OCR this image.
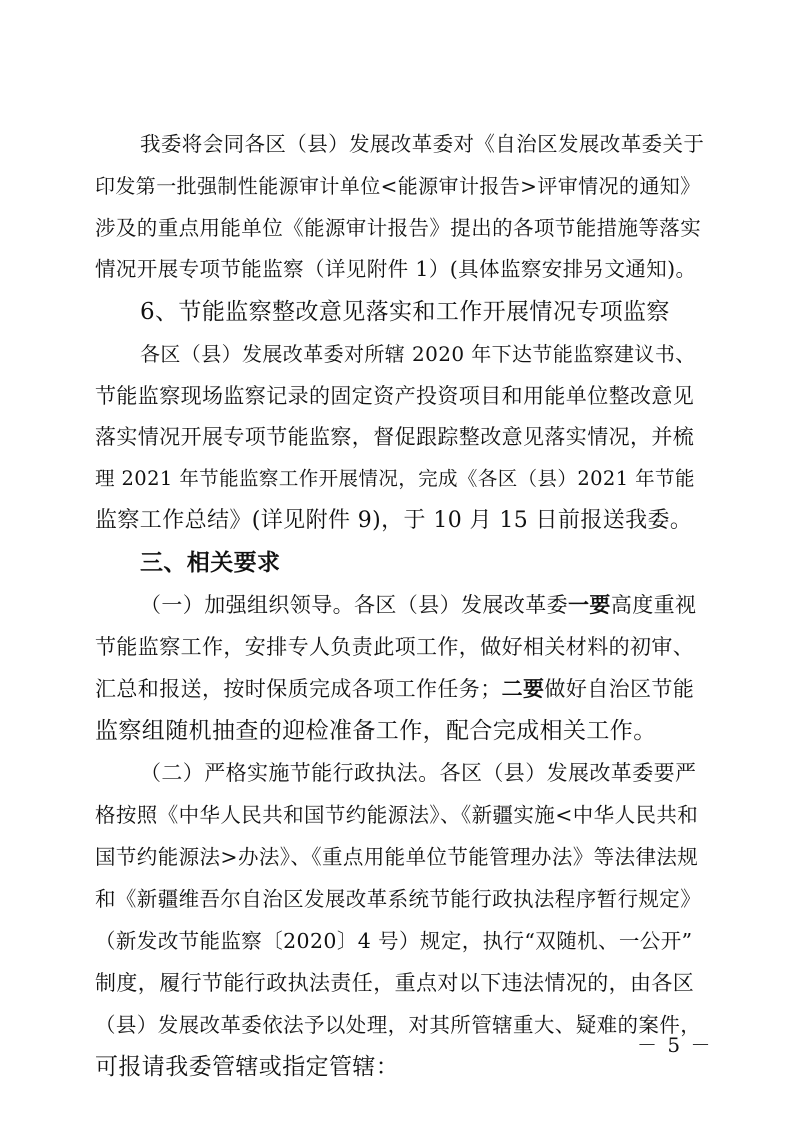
我委将会同各区（县）发展改革委对《自治区发展改革委关于
印发第一批强制性能源审计单位<能源审计报告>评审情况的通知》
涉及的重点用能单位《能源审计报告》提出的各项节能措施等落实
情况开展专项节能监察（详见附件 1）(具体监察安排另文通知)。
6、节能监察整改意见落实和工作开展情况专项监察
各区（县）发展改革委对所辖 2020 年下达节能监察建议书、
节能监察现场监察记录的固定资产投资项目和用能单位整改意见
落实情况开展专项节能监察，督促跟踪整改意见落实情况，并梳
理 2021 年节能监察工作开展情况，完成《各区（县）2021 年节能
监察工作总结》(详见附件 9)，于 10 月 15 日前报送我委。
三、相关要求
（一）加强组织领导。各区（县）发展改革委一要高度重视
节能监察工作，安排专人负责此项工作，做好相关材料的初审、
汇总和报送，按时保质完成各项工作任务；二要做好自治区节能
监察组随机抽查的迎检准备工作，配合完成相关工作。
（二）严格实施节能行政执法。各区（县）发展改革委要严
格按照《中华人民共和国节约能源法》、《新疆实施<中华人民共和
国节约能源法>办法》、《重点用能单位节能管理办法》等法律法规
和《新疆维吾尔自治区发展改革系统节能行政执法程序暂行规定》
（新发改节能监察〔2020〕4 号）规定，执行“双随机、一公开”
制度，履行节能行政执法责任，重点对以下违法情况的，由各区
（县）发展改革委依法予以处理，对其所管辖重大、疑难的案件，
可报请我委管辖或指定管辖：
－ 5 －
